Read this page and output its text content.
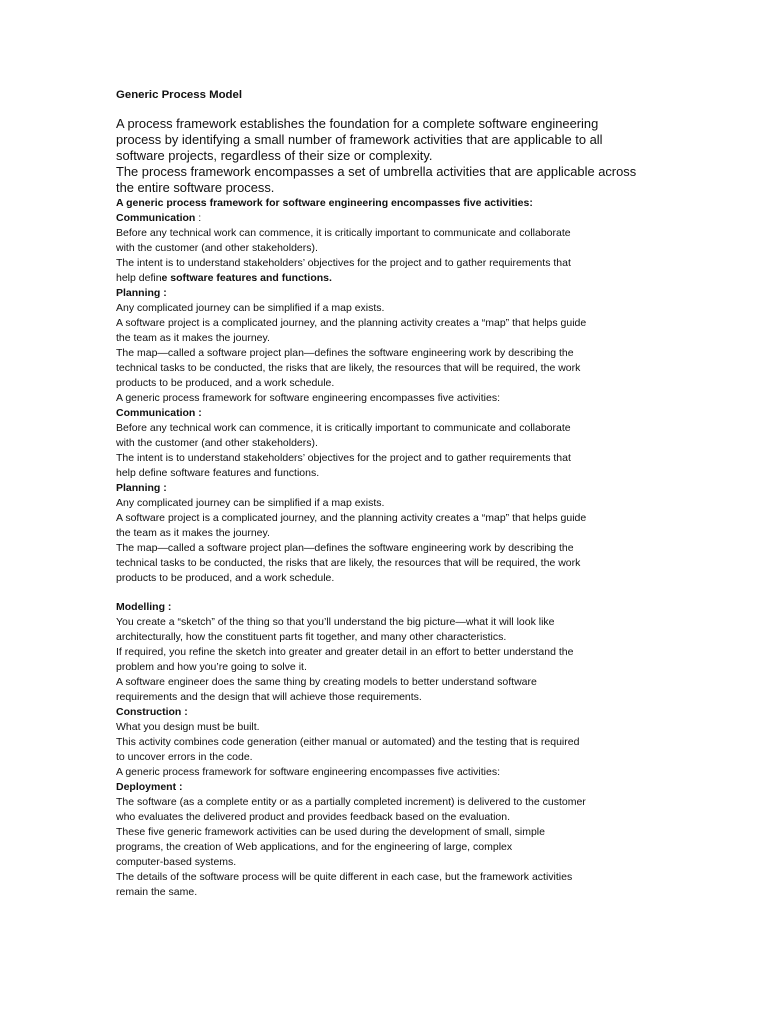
Generic Process Model

A process framework establishes the foundation for a complete software engineering

process by identifying a small number of framework activities that are applicable to all

software projects, regardless of their size or complexity.

The process framework encompasses a set of umbrella activities that are applicable across

the entire software process.

A generic process framework for software engineering encompasses five activities:

Communication :

Before any technical work can commence, it is critically important to communicate and collaborate

with the customer (and other stakeholders).

The intent is to understand stakeholders’ objectives for the project and to gather requirements that

help define software features and functions.

Planning :

Any complicated journey can be simplified if a map exists.

A software project is a complicated journey, and the planning activity creates a “map” that helps guide

the team as it makes the journey.

The map—called a software project plan—defines the software engineering work by describing the

technical tasks to be conducted, the risks that are likely, the resources that will be required, the work

products to be produced, and a work schedule.

A generic process framework for software engineering encompasses five activities:

Communication :

Before any technical work can commence, it is critically important to communicate and collaborate

with the customer (and other stakeholders).

The intent is to understand stakeholders’ objectives for the project and to gather requirements that

help define software features and functions.

Planning :

Any complicated journey can be simplified if a map exists.

A software project is a complicated journey, and the planning activity creates a “map” that helps guide

the team as it makes the journey.

The map—called a software project plan—defines the software engineering work by describing the

technical tasks to be conducted, the risks that are likely, the resources that will be required, the work

products to be produced, and a work schedule.

Modelling :

You create a “sketch” of the thing so that you’ll understand the big picture—what it will look like

architecturally, how the constituent parts fit together, and many other characteristics.

If required, you refine the sketch into greater and greater detail in an effort to better understand the

problem and how you’re going to solve it.

A software engineer does the same thing by creating models to better understand software

requirements and the design that will achieve those requirements.

Construction :

What you design must be built.

This activity combines code generation (either manual or automated) and the testing that is required

to uncover errors in the code.

A generic process framework for software engineering encompasses five activities:

Deployment :

The software (as a complete entity or as a partially completed increment) is delivered to the customer

who evaluates the delivered product and provides feedback based on the evaluation.

These five generic framework activities can be used during the development of small, simple

programs, the creation of Web applications, and for the engineering of large, complex

computer-based systems.

The details of the software process will be quite different in each case, but the framework activities

remain the same.
